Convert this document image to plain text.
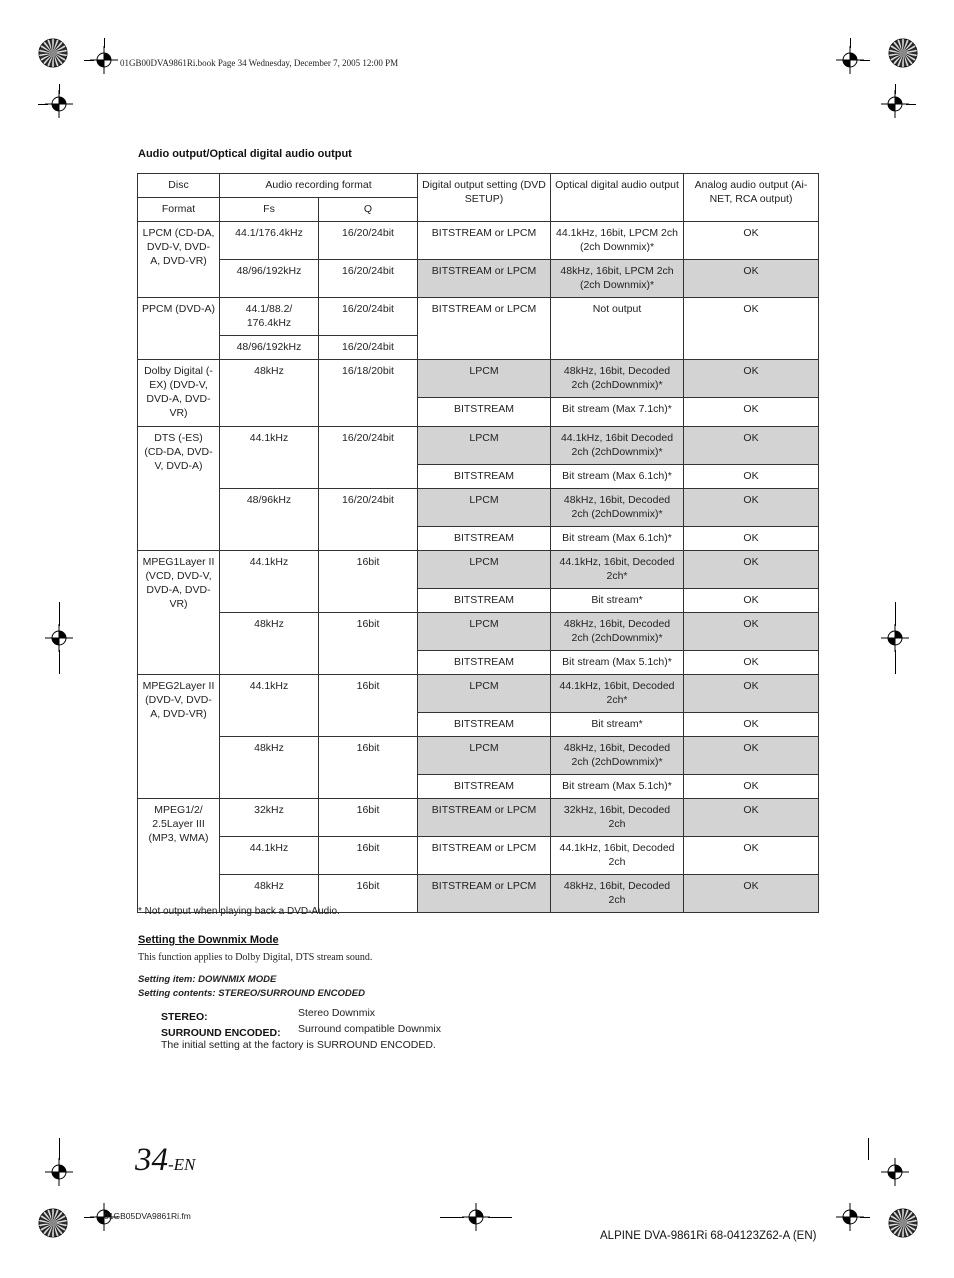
01GB00DVA9861Ri.book Page 34 Wednesday, December 7, 2005 12:00 PM
Audio output/Optical digital audio output
Disc	Audio recording format		Digital output setting (DVD SETUP)	Optical digital audio output	Analog audio output (Ai-NET, RCA output)
Format	Fs	Q			
LPCM (CD-DA, DVD-V, DVD-A, DVD-VR)	44.1/176.4kHz	16/20/24bit	BITSTREAM or LPCM	44.1kHz, 16bit, LPCM 2ch (2ch Downmix)*	OK
	48/96/192kHz	16/20/24bit	BITSTREAM or LPCM	48kHz, 16bit, LPCM 2ch (2ch Downmix)*	OK
PPCM (DVD-A)	44.1/88.2/ 176.4kHz	16/20/24bit	BITSTREAM or LPCM	Not output	OK
	48/96/192kHz	16/20/24bit			
Dolby Digital (-EX) (DVD-V, DVD-A, DVD-VR)	48kHz	16/18/20bit	LPCM	48kHz, 16bit, Decoded 2ch (2chDownmix)*	OK
			BITSTREAM	Bit stream (Max 7.1ch)*	OK
DTS (-ES) (CD-DA, DVD-V, DVD-A)	44.1kHz	16/20/24bit	LPCM	44.1kHz, 16bit Decoded 2ch (2chDownmix)*	OK
			BITSTREAM	Bit stream (Max 6.1ch)*	OK
	48/96kHz	16/20/24bit	LPCM	48kHz, 16bit, Decoded 2ch (2chDownmix)*	OK
			BITSTREAM	Bit stream (Max 6.1ch)*	OK
MPEG1Layer II (VCD, DVD-V, DVD-A, DVD-VR)	44.1kHz	16bit	LPCM	44.1kHz, 16bit, Decoded 2ch*	OK
			BITSTREAM	Bit stream*	OK
	48kHz	16bit	LPCM	48kHz, 16bit, Decoded 2ch (2chDownmix)*	OK
			BITSTREAM	Bit stream (Max 5.1ch)*	OK
MPEG2Layer II (DVD-V, DVD-A, DVD-VR)	44.1kHz	16bit	LPCM	44.1kHz, 16bit, Decoded 2ch*	OK
			BITSTREAM	Bit stream*	OK
	48kHz	16bit	LPCM	48kHz, 16bit, Decoded 2ch (2chDownmix)*	OK
			BITSTREAM	Bit stream (Max 5.1ch)*	OK
MPEG1/2/ 2.5Layer III (MP3, WMA)	32kHz	16bit	BITSTREAM or LPCM	32kHz, 16bit, Decoded 2ch	OK
	44.1kHz	16bit	BITSTREAM or LPCM	44.1kHz, 16bit, Decoded 2ch	OK
	48kHz	16bit	BITSTREAM or LPCM	48kHz, 16bit, Decoded 2ch	OK
* Not output when playing back a DVD-Audio.
Setting the Downmix Mode
This function applies to Dolby Digital, DTS stream sound.
Setting item: DOWNMIX MODE
Setting contents: STEREO/SURROUND ENCODED
STEREO:	Stereo Downmix
SURROUND ENCODED: Surround compatible Downmix
The initial setting at the factory is SURROUND ENCODED.
34-EN
01GB05DVA9861Ri.fm
ALPINE DVA-9861Ri 68-04123Z62-A (EN)
